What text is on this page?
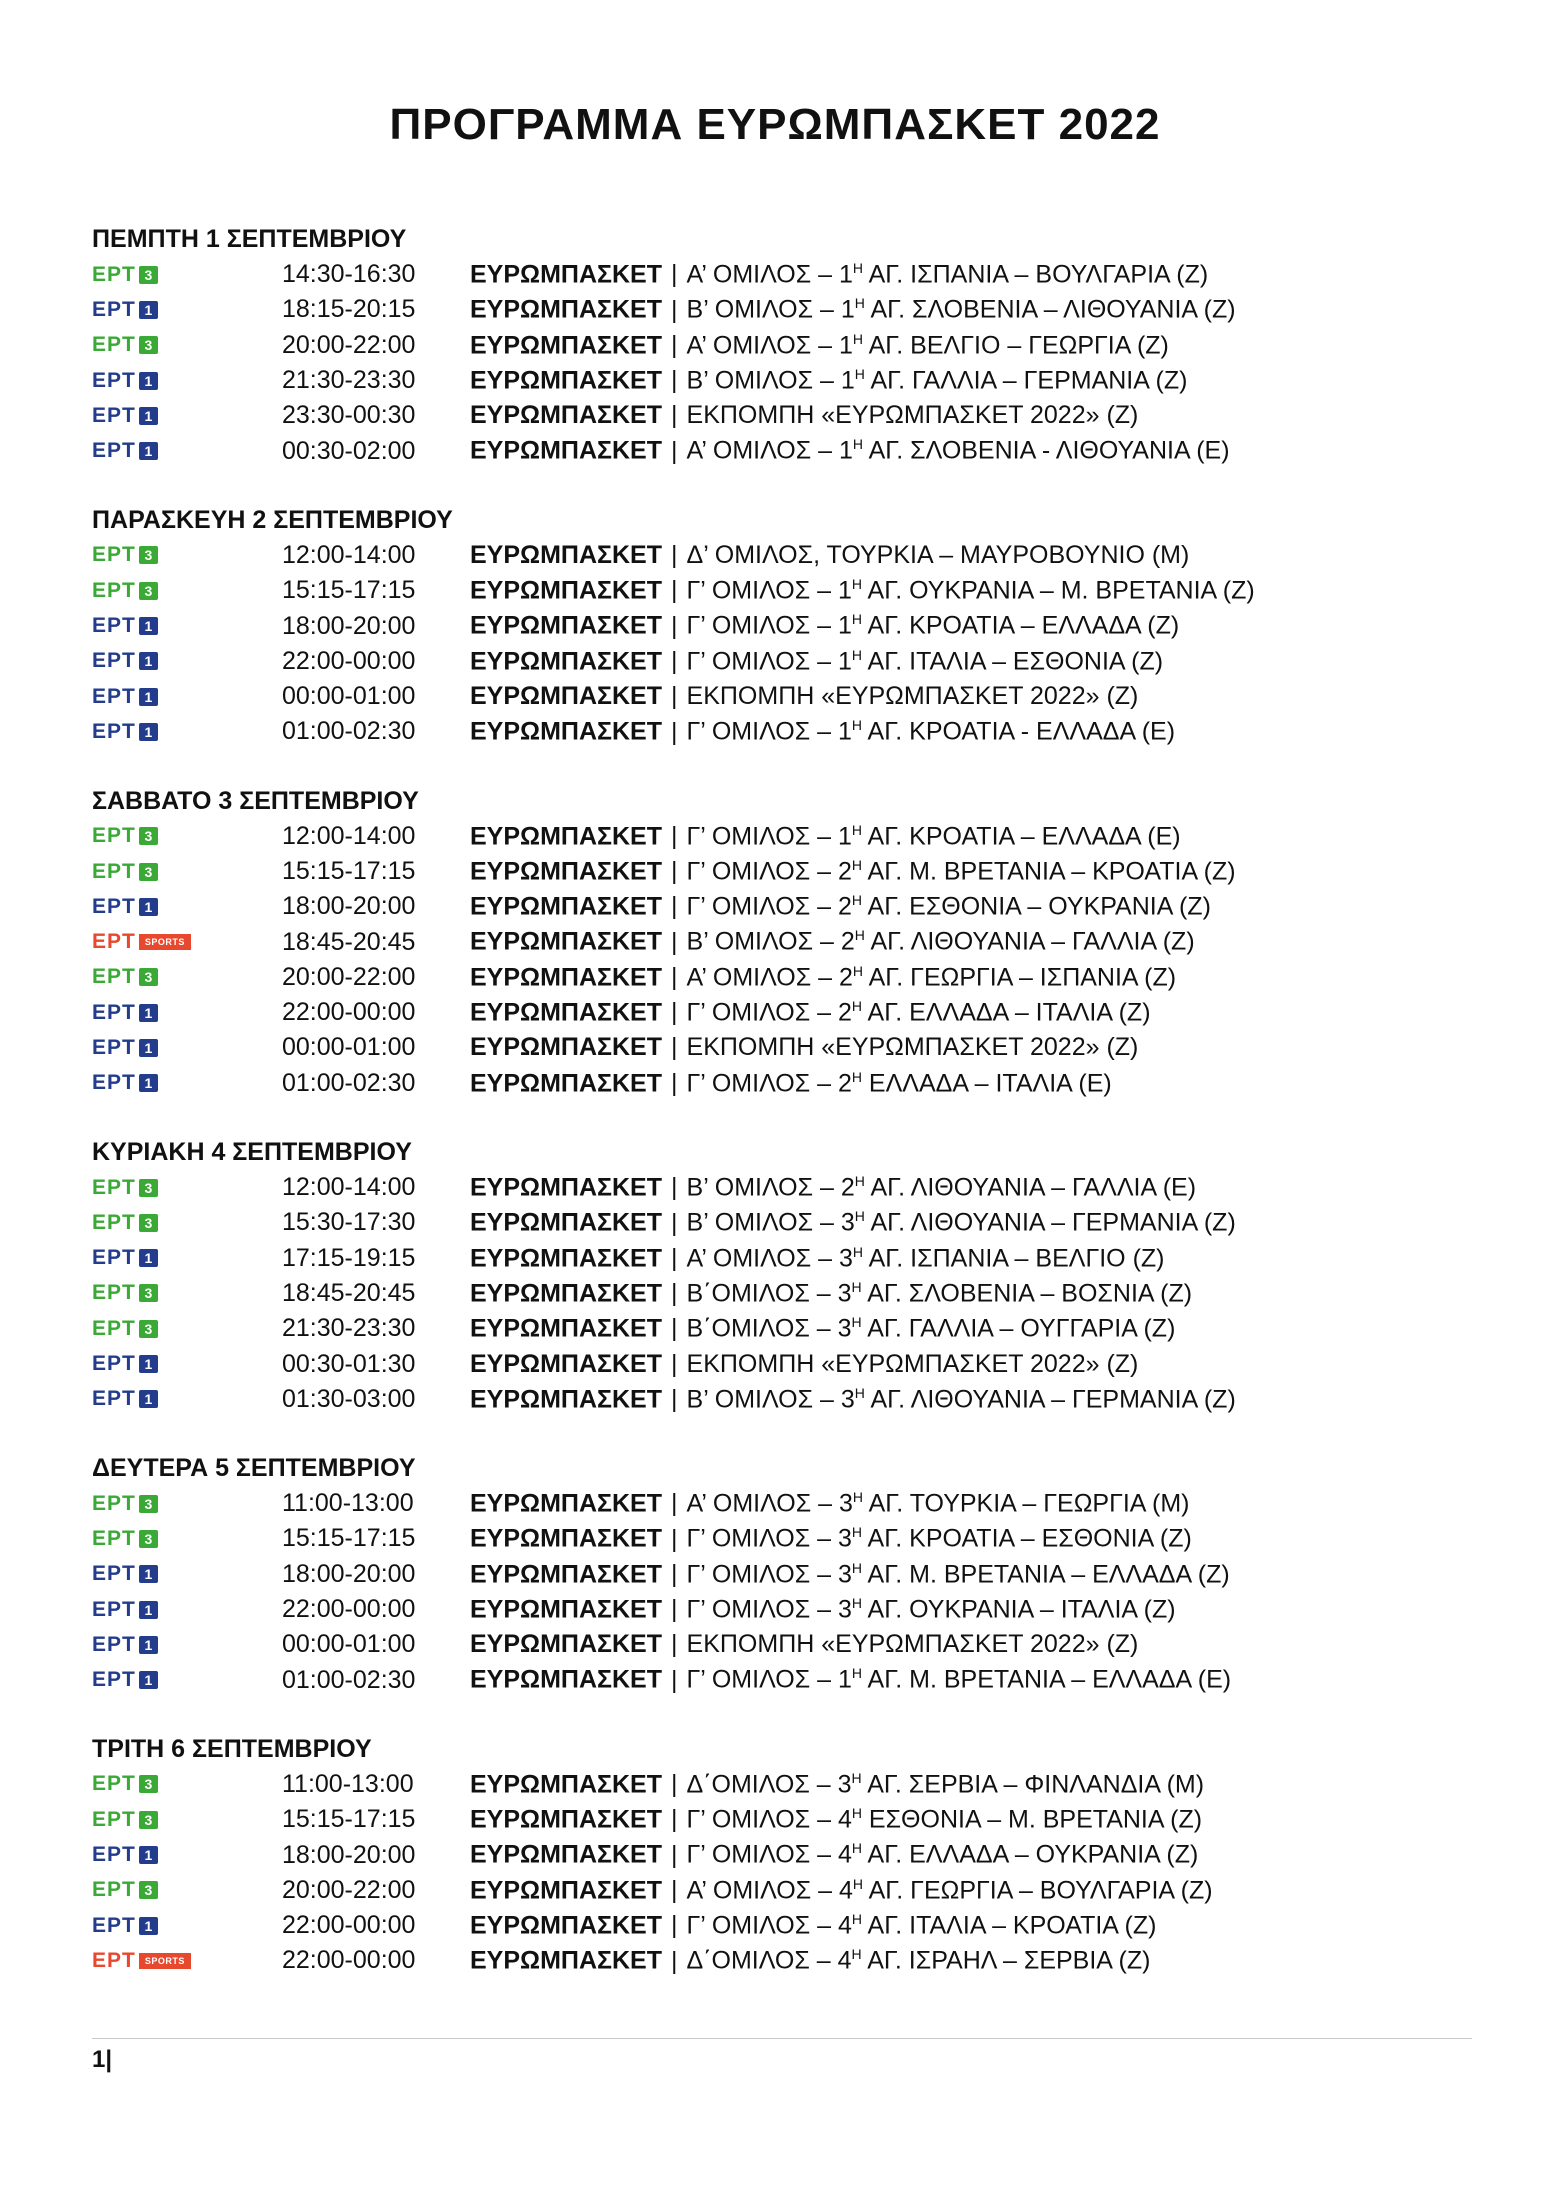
ΠΡΟΓΡΑΜΜΑ ΕΥΡΩΜΠΑΣΚΕΤ 2022
ΠΕΜΠΤΗ 1 ΣΕΠΤΕΜΒΡΙΟΥ
ΕΡΤ 3	14:30-16:30	ΕΥΡΩΜΠΑΣΚΕΤ | Α’ ΟΜΙΛΟΣ – $1^H$ ΑΓ. ΙΣΠΑΝΙΑ – ΒΟΥΛΓΑΡΙΑ (Ζ)
ΕΡΤ 1	18:15-20:15	ΕΥΡΩΜΠΑΣΚΕΤ | Β’ ΟΜΙΛΟΣ – $1^H$ ΑΓ. ΣΛΟΒΕΝΙΑ – ΛΙΘΟΥΑΝΙΑ (Ζ)
ΕΡΤ 3	20:00-22:00	ΕΥΡΩΜΠΑΣΚΕΤ | Α’ ΟΜΙΛΟΣ – $1^H$ ΑΓ. ΒΕΛΓΙΟ – ΓΕΩΡΓΙΑ (Ζ)
ΕΡΤ 1	21:30-23:30	ΕΥΡΩΜΠΑΣΚΕΤ | Β’ ΟΜΙΛΟΣ – $1^H$ ΑΓ. ΓΑΛΛΙΑ – ΓΕΡΜΑΝΙΑ (Ζ)
ΕΡΤ 1	23:30-00:30	ΕΥΡΩΜΠΑΣΚΕΤ | ΕΚΠΟΜΠΗ «ΕΥΡΩΜΠΑΣΚΕΤ 2022» (Ζ)
ΕΡΤ 1	00:30-02:00	ΕΥΡΩΜΠΑΣΚΕΤ | Α’ ΟΜΙΛΟΣ – $1^H$ ΑΓ. ΣΛΟΒΕΝΙΑ - ΛΙΘΟΥΑΝΙΑ (Ε)
ΠΑΡΑΣΚΕΥΗ 2 ΣΕΠΤΕΜΒΡΙΟΥ
ΕΡΤ 3	12:00-14:00	ΕΥΡΩΜΠΑΣΚΕΤ | Δ’ ΟΜΙΛΟΣ, ΤΟΥΡΚΙΑ – ΜΑΥΡΟΒΟΥΝΙΟ (Μ)
ΕΡΤ 3	15:15-17:15	ΕΥΡΩΜΠΑΣΚΕΤ | Γ’ ΟΜΙΛΟΣ – $1^H$ ΑΓ. ΟΥΚΡΑΝΙΑ – Μ. ΒΡΕΤΑΝΙΑ (Ζ)
ΕΡΤ 1	18:00-20:00	ΕΥΡΩΜΠΑΣΚΕΤ | Γ’ ΟΜΙΛΟΣ – $1^H$ ΑΓ. ΚΡΟΑΤΙΑ – ΕΛΛΑΔΑ (Ζ)
ΕΡΤ 1	22:00-00:00	ΕΥΡΩΜΠΑΣΚΕΤ | Γ’ ΟΜΙΛΟΣ – $1^H$ ΑΓ. ΙΤΑΛΙΑ – ΕΣΘΟΝΙΑ (Ζ)
ΕΡΤ 1	00:00-01:00	ΕΥΡΩΜΠΑΣΚΕΤ | ΕΚΠΟΜΠΗ «ΕΥΡΩΜΠΑΣΚΕΤ 2022» (Ζ)
ΕΡΤ 1	01:00-02:30	ΕΥΡΩΜΠΑΣΚΕΤ | Γ’ ΟΜΙΛΟΣ – $1^H$ ΑΓ. ΚΡΟΑΤΙΑ - ΕΛΛΑΔΑ (Ε)
ΣΑΒΒΑΤΟ 3 ΣΕΠΤΕΜΒΡΙΟΥ
ΕΡΤ 3	12:00-14:00	ΕΥΡΩΜΠΑΣΚΕΤ | Γ’ ΟΜΙΛΟΣ – $1^H$ ΑΓ. ΚΡΟΑΤΙΑ – ΕΛΛΑΔΑ (Ε)
ΕΡΤ 3	15:15-17:15	ΕΥΡΩΜΠΑΣΚΕΤ | Γ’ ΟΜΙΛΟΣ – $2^H$ ΑΓ. Μ. ΒΡΕΤΑΝΙΑ – ΚΡΟΑΤΙΑ (Ζ)
ΕΡΤ 1	18:00-20:00	ΕΥΡΩΜΠΑΣΚΕΤ | Γ’ ΟΜΙΛΟΣ – $2^H$ ΑΓ. ΕΣΘΟΝΙΑ – ΟΥΚΡΑΝΙΑ (Ζ)
ΕΡΤ	SPORTS	18:45-20:45	ΕΥΡΩΜΠΑΣΚΕΤ | Β’ ΟΜΙΛΟΣ – $2^H$ ΑΓ. ΛΙΘΟΥΑΝΙΑ – ΓΑΛΛΙΑ (Ζ)
ΕΡΤ 3	20:00-22:00	ΕΥΡΩΜΠΑΣΚΕΤ | Α’ ΟΜΙΛΟΣ – $2^H$ ΑΓ. ΓΕΩΡΓΙΑ – ΙΣΠΑΝΙΑ (Ζ)
ΕΡΤ 1	22:00-00:00	ΕΥΡΩΜΠΑΣΚΕΤ | Γ’ ΟΜΙΛΟΣ – $2^H$ ΑΓ. ΕΛΛΑΔΑ – ΙΤΑΛΙΑ (Ζ)
ΕΡΤ 1	00:00-01:00	ΕΥΡΩΜΠΑΣΚΕΤ | ΕΚΠΟΜΠΗ «ΕΥΡΩΜΠΑΣΚΕΤ 2022» (Ζ)
ΕΡΤ 1	01:00-02:30	ΕΥΡΩΜΠΑΣΚΕΤ | Γ’ ΟΜΙΛΟΣ – $2^H$ ΕΛΛΑΔΑ – ΙΤΑΛΙΑ (Ε)
ΚΥΡΙΑΚΗ 4 ΣΕΠΤΕΜΒΡΙΟΥ
ΕΡΤ 3	12:00-14:00	ΕΥΡΩΜΠΑΣΚΕΤ | Β’ ΟΜΙΛΟΣ – $2^H$ ΑΓ. ΛΙΘΟΥΑΝΙΑ – ΓΑΛΛΙΑ (Ε)
ΕΡΤ 3	15:30-17:30	ΕΥΡΩΜΠΑΣΚΕΤ | Β’ ΟΜΙΛΟΣ – $3^H$ ΑΓ. ΛΙΘΟΥΑΝΙΑ – ΓΕΡΜΑΝΙΑ (Ζ)
ΕΡΤ 1	17:15-19:15	ΕΥΡΩΜΠΑΣΚΕΤ | Α’ ΟΜΙΛΟΣ – $3^H$ ΑΓ. ΙΣΠΑΝΙΑ – ΒΕΛΓΙΟ (Ζ)
ΕΡΤ 3	18:45-20:45	ΕΥΡΩΜΠΑΣΚΕΤ | $B΄OMI\Lambda O\Sigma - 3^H$ ΑΓ. ΣΛΟΒΕΝΙΑ – ΒΟΣΝΙΑ (Ζ)
ΕΡΤ 3	21:30-23:30	ΕΥΡΩΜΠΑΣΚΕΤ | $B΄OMI\Lambda O\Sigma - 3^H$ ΑΓ. ΓΑΛΛΙΑ – ΟΥΓΓΑΡΙΑ (Ζ)
ΕΡΤ 1	00:30-01:30	ΕΥΡΩΜΠΑΣΚΕΤ | ΕΚΠΟΜΠΗ «ΕΥΡΩΜΠΑΣΚΕΤ 2022» (Ζ)
ΕΡΤ 1	01:30-03:00	ΕΥΡΩΜΠΑΣΚΕΤ | Β’ ΟΜΙΛΟΣ – $3^H$ ΑΓ. ΛΙΘΟΥΑΝΙΑ – ΓΕΡΜΑΝΙΑ (Ζ)
ΔΕΥΤΕΡΑ 5 ΣΕΠΤΕΜΒΡΙΟΥ
ΕΡΤ 3	11:00-13:00	ΕΥΡΩΜΠΑΣΚΕΤ | Α’ ΟΜΙΛΟΣ – $3^H$ ΑΓ. ΤΟΥΡΚΙΑ – ΓΕΩΡΓΙΑ (Μ)
ΕΡΤ 3	15:15-17:15	ΕΥΡΩΜΠΑΣΚΕΤ | Γ’ ΟΜΙΛΟΣ – $3^H$ ΑΓ. ΚΡΟΑΤΙΑ – ΕΣΘΟΝΙΑ (Ζ)
ΕΡΤ 1	18:00-20:00	ΕΥΡΩΜΠΑΣΚΕΤ | Γ’ ΟΜΙΛΟΣ – $3^H$ ΑΓ. Μ. ΒΡΕΤΑΝΙΑ – ΕΛΛΑΔΑ (Ζ)
ΕΡΤ 1	22:00-00:00	ΕΥΡΩΜΠΑΣΚΕΤ | Γ’ ΟΜΙΛΟΣ – $3^H$ ΑΓ. ΟΥΚΡΑΝΙΑ – ΙΤΑΛΙΑ (Ζ)
ΕΡΤ 1	00:00-01:00	ΕΥΡΩΜΠΑΣΚΕΤ | ΕΚΠΟΜΠΗ «ΕΥΡΩΜΠΑΣΚΕΤ 2022» (Ζ)
ΕΡΤ 1	01:00-02:30	ΕΥΡΩΜΠΑΣΚΕΤ | Γ’ ΟΜΙΛΟΣ – $1^H$ ΑΓ. Μ. ΒΡΕΤΑΝΙΑ – ΕΛΛΑΔΑ (Ε)
ΤΡΙΤΗ 6 ΣΕΠΤΕΜΒΡΙΟΥ
ΕΡΤ 3	11:00-13:00	ΕΥΡΩΜΠΑΣΚΕΤ | $\Delta΄OMI\Lambda O\Sigma - 3^H$ ΑΓ. ΣΕΡΒΙΑ – ΦΙΝΛΑΝΔΙΑ (Μ)
ΕΡΤ 3	15:15-17:15	ΕΥΡΩΜΠΑΣΚΕΤ | Γ’ ΟΜΙΛΟΣ – $4^H$ ΕΣΘΟΝΙΑ – Μ. ΒΡΕΤΑΝΙΑ (Ζ)
ΕΡΤ 1	18:00-20:00	ΕΥΡΩΜΠΑΣΚΕΤ | Γ’ ΟΜΙΛΟΣ – $4^H$ ΑΓ. ΕΛΛΑΔΑ – ΟΥΚΡΑΝΙΑ (Ζ)
ΕΡΤ 3	20:00-22:00	ΕΥΡΩΜΠΑΣΚΕΤ | Α’ ΟΜΙΛΟΣ – $4^H$ ΑΓ. ΓΕΩΡΓΙΑ – ΒΟΥΛΓΑΡΙΑ (Ζ)
ΕΡΤ 1	22:00-00:00	ΕΥΡΩΜΠΑΣΚΕΤ | Γ’ ΟΜΙΛΟΣ – $4^H$ ΑΓ. ΙΤΑΛΙΑ – ΚΡΟΑΤΙΑ (Ζ)
ΕΡΤ	SPORTS	22:00-00:00	ΕΥΡΩΜΠΑΣΚΕΤ | $\Delta΄OMI\Lambda O\Sigma - 4^H$ ΑΓ. ΙΣΡΑΗΛ – ΣΕΡΒΙΑ (Ζ)
1|
